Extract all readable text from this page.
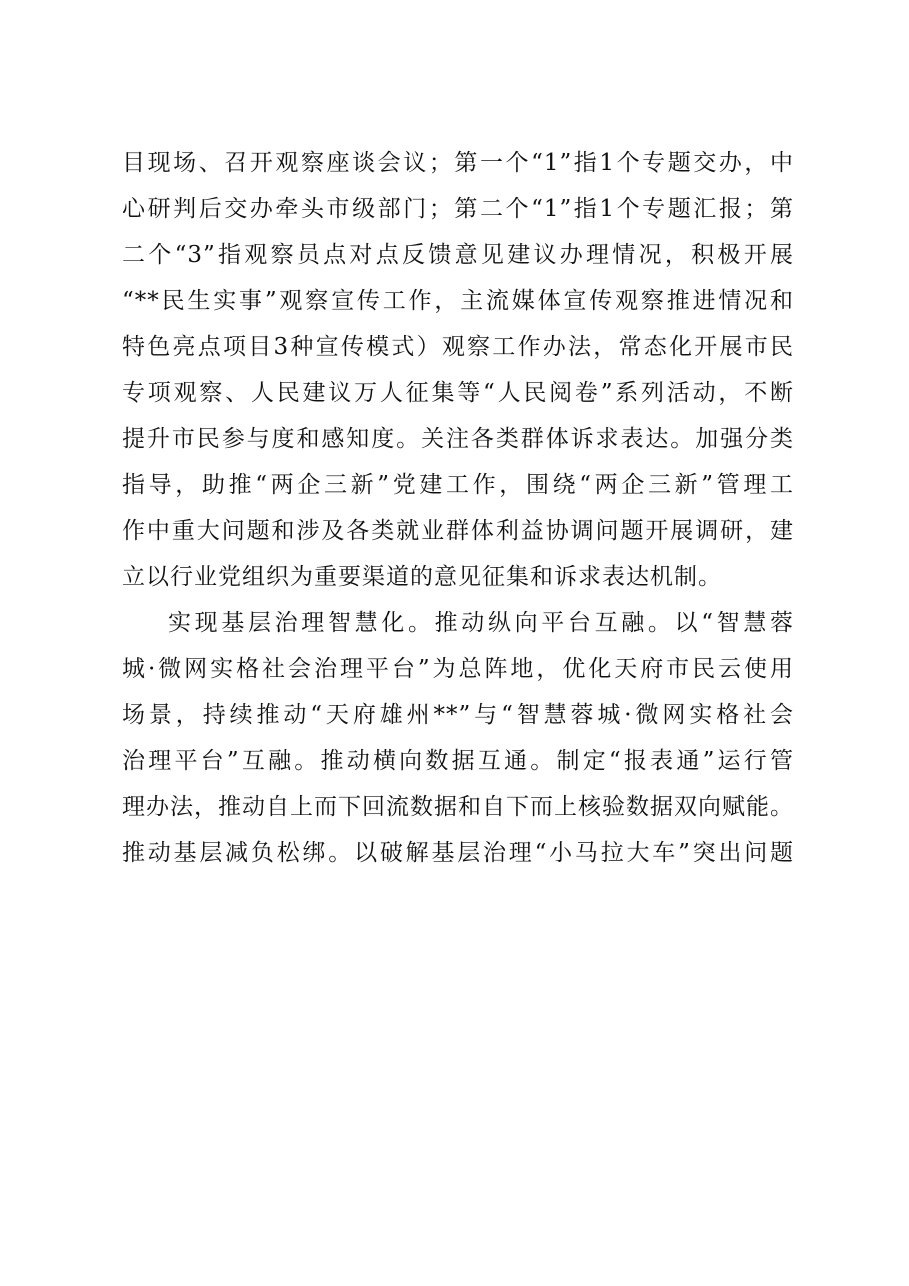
目现场、召开观察座谈会议；第一个“1”指1个专题交办，中
心研判后交办牵头市级部门；第二个“1”指1个专题汇报；第
二个“3”指观察员点对点反馈意见建议办理情况，积极开展
“**民生实事”观察宣传工作，主流媒体宣传观察推进情况和
特色亮点项目3种宣传模式）观察工作办法，常态化开展市民
专项观察、人民建议万人征集等“人民阅卷”系列活动，不断
提升市民参与度和感知度。关注各类群体诉求表达。加强分类
指导，助推“两企三新”党建工作，围绕“两企三新”管理工
作中重大问题和涉及各类就业群体利益协调问题开展调研，建
立以行业党组织为重要渠道的意见征集和诉求表达机制。
实现基层治理智慧化。推动纵向平台互融。以“智慧蓉
城·微网实格社会治理平台”为总阵地，优化天府市民云使用
场景，持续推动“天府雄州**”与“智慧蓉城·微网实格社会
治理平台”互融。推动横向数据互通。制定“报表通”运行管
理办法，推动自上而下回流数据和自下而上核验数据双向赋能。
推动基层减负松绑。以破解基层治理“小马拉大车”突出问题
